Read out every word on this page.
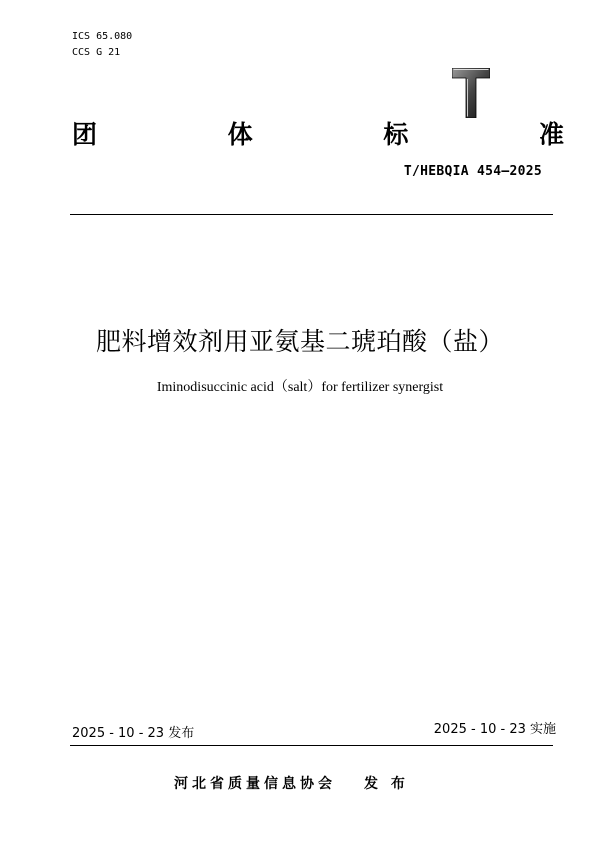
ICS 65.080
CCS G 21
团	体	标	准
T/HEBQIA 454—2025
肥料增效剂用亚氨基二琥珀酸（盐）
Iminodisuccinic acid（salt）for fertilizer synergist
2025 - 10 - 23 发布	2025 - 10 - 23 实施
河北省质量信息协会 发 布
